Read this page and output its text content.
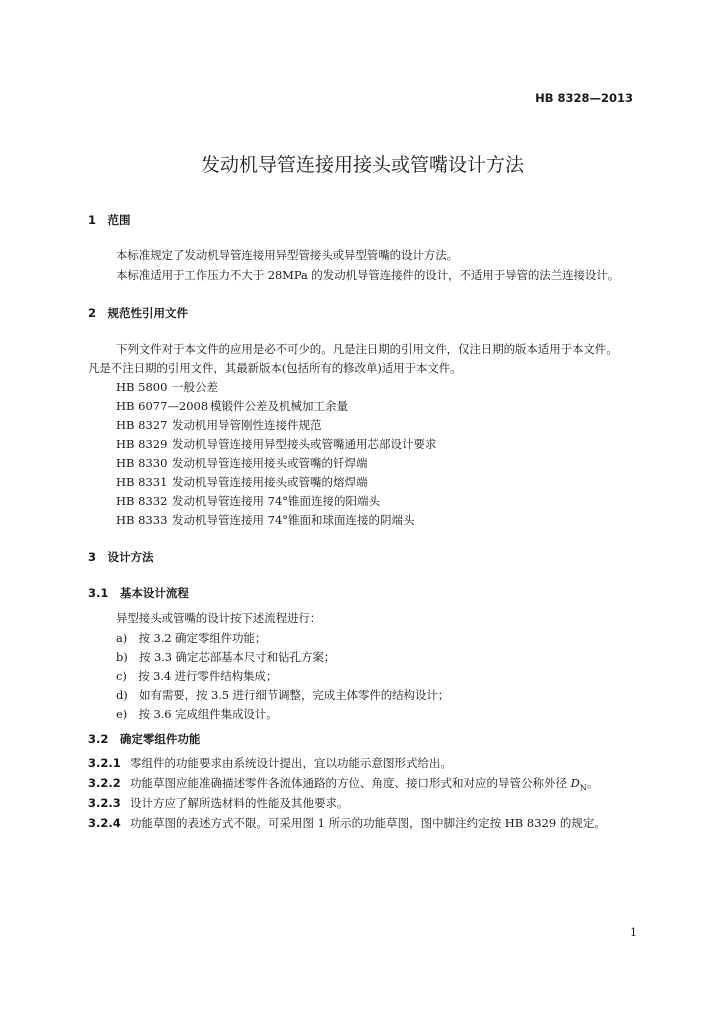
HB 8328—2013
发动机导管连接用接头或管嘴设计方法
1　范围
本标准规定了发动机导管连接用异型管接头或异型管嘴的设计方法。
本标准适用于工作压力不大于 28MPa 的发动机导管连接件的设计，不适用于导管的法兰连接设计。
2　规范性引用文件
下列文件对于本文件的应用是必不可少的。凡是注日期的引用文件，仅注日期的版本适用于本文件。
凡是不注日期的引用文件，其最新版本(包括所有的修改单)适用于本文件。
HB 5800 一般公差
HB 6077—2008 模锻件公差及机械加工余量
HB 8327 发动机用导管刚性连接件规范
HB 8329 发动机导管连接用异型接头或管嘴通用芯部设计要求
HB 8330 发动机导管连接用接头或管嘴的钎焊端
HB 8331 发动机导管连接用接头或管嘴的熔焊端
HB 8332 发动机导管连接用 74°锥面连接的阳端头
HB 8333 发动机导管连接用 74°锥面和球面连接的阴端头
3　设计方法
3.1　基本设计流程
异型接头或管嘴的设计按下述流程进行：
a)　按 3.2 确定零组件功能；
b)　按 3.3 确定芯部基本尺寸和钻孔方案；
c)　按 3.4 进行零件结构集成；
d)　如有需要，按 3.5 进行细节调整，完成主体零件的结构设计；
e)　按 3.6 完成组件集成设计。
3.2　确定零组件功能
3.2.1 零组件的功能要求由系统设计提出，宜以功能示意图形式给出。
3.2.2 功能草图应能准确描述零件各流体通路的方位、角度、接口形式和对应的导管公称外径 $D_N$。
3.2.3 设计方应了解所选材料的性能及其他要求。
3.2.4 功能草图的表述方式不限。可采用图 1 所示的功能草图，图中脚注约定按 HB 8329 的规定。
1
